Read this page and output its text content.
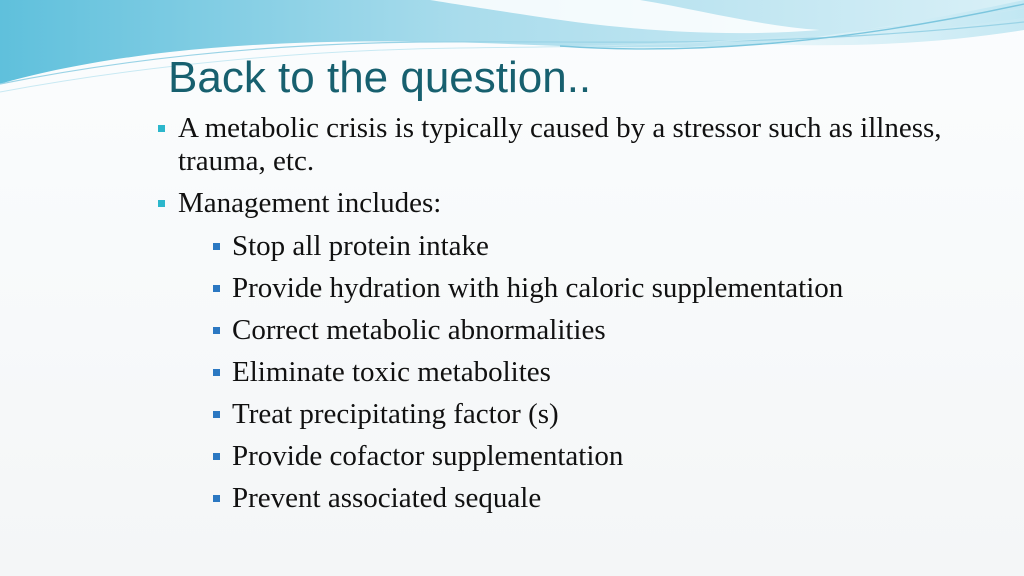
Back to the question..
A metabolic crisis is typically caused by a stressor such as illness, trauma, etc.
Management includes:
Stop all protein intake
Provide hydration with high caloric supplementation
Correct metabolic abnormalities
Eliminate toxic metabolites
Treat precipitating factor (s)
Provide cofactor supplementation
Prevent associated sequale
